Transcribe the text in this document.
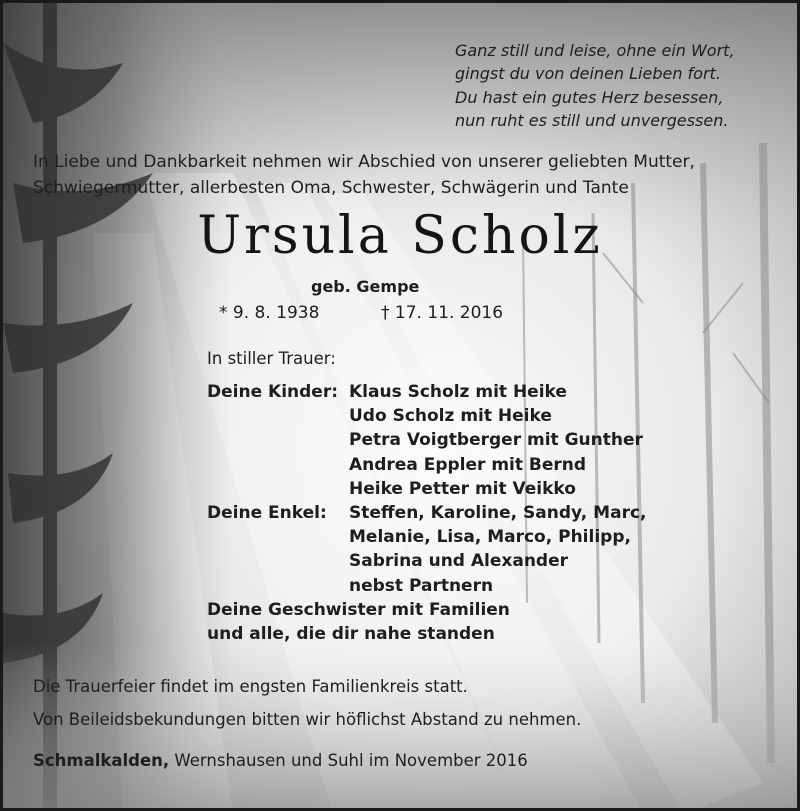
Ganz still und leise, ohne ein Wort,
gingst du von deinen Lieben fort.
Du hast ein gutes Herz besessen,
nun ruht es still und unvergessen.
In Liebe und Dankbarkeit nehmen wir Abschied von unserer geliebten Mutter,
Schwiegermutter, allerbesten Oma, Schwester, Schwägerin und Tante
Ursula Scholz
geb. Gempe
* 9. 8. 1938	† 17. 11. 2016
In stiller Trauer:
Deine Kinder: Klaus Scholz mit Heike
Udo Scholz mit Heike
Petra Voigtberger mit Gunther
Andrea Eppler mit Bernd
Heike Petter mit Veikko
Deine Enkel:	Steffen, Karoline, Sandy, Marc,
Melanie, Lisa, Marco, Philipp,
Sabrina und Alexander
nebst Partnern
Deine Geschwister mit Familien
und alle, die dir nahe standen
Die Trauerfeier findet im engsten Familienkreis statt.
Von Beileidsbekundungen bitten wir höflichst Abstand zu nehmen.
Schmalkalden, Wernshausen und Suhl im November 2016
